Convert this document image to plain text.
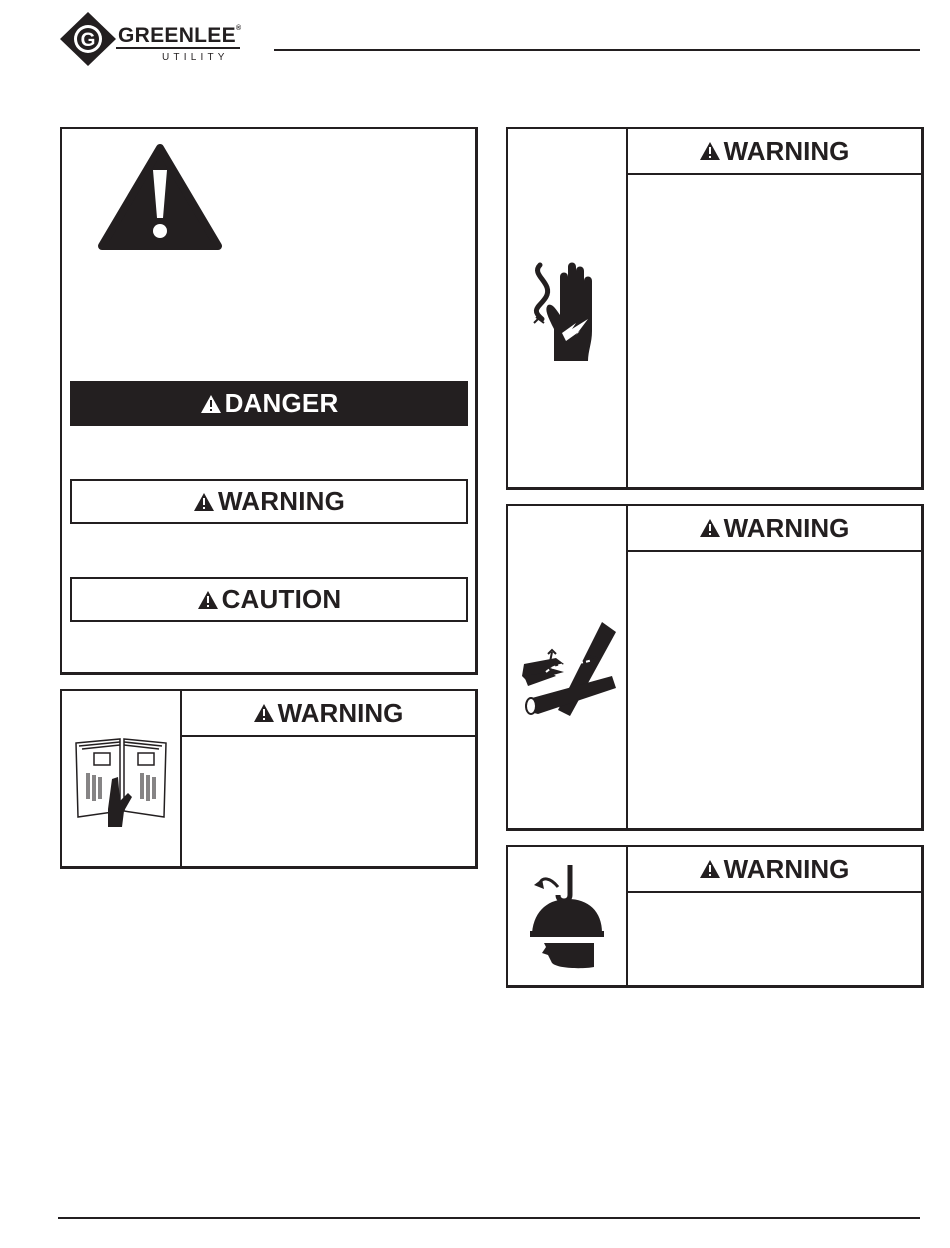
G GREENLEE ®
UTILITY
DANGER
WARNING
CAUTION
WARNING
WARNING
WARNING
WARNING
